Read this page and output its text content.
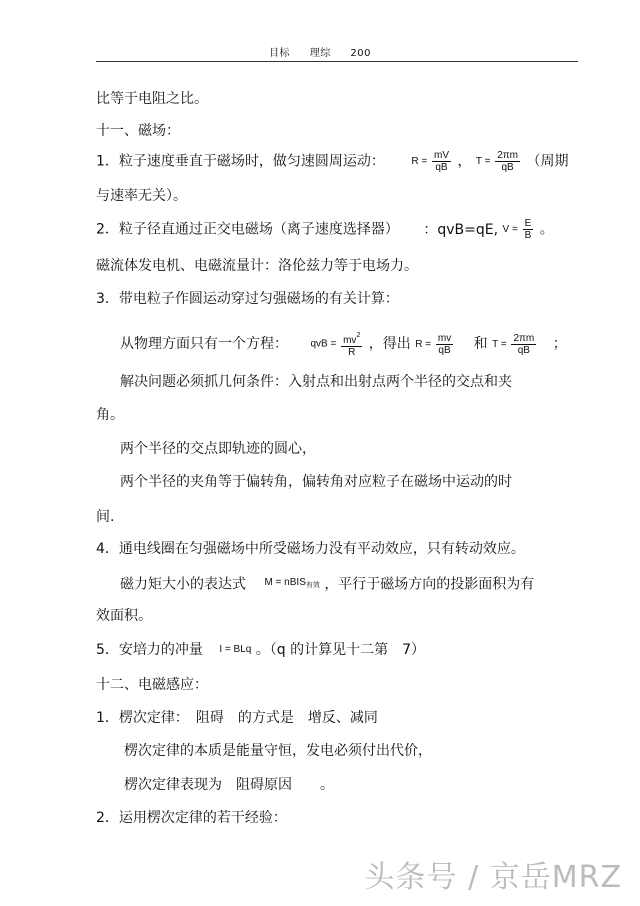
目标 理综 200
比等于电阻之比。
十一、磁场：
1．粒子速度垂直于磁场时，做匀速圆周运动：	$R = \frac{mV}{qB}$ ， $T = \frac{2\pi m}{qB}$ （周期
与速率无关）。
2．粒子径直通过正交电磁场（离子速度选择器） ：qvB=qE, $V = \frac{E}{B}$ 。
磁流体发电机、电磁流量计：洛伦兹力等于电场力。
3．带电粒子作圆运动穿过匀强磁场的有关计算：
从物理方面只有一个方程： qvB = $\frac{mv^2}{R}$ ，得出 $R = \frac{mv}{qB}$ 和 $T = \frac{2\pi m}{qB}$ ；
解决问题必须抓几何条件：入射点和出射点两个半径的交点和夹
角。
两个半径的交点即轨迹的圆心，
两个半径的夹角等于偏转角，偏转角对应粒子在磁场中运动的时
间.
4．通电线圈在匀强磁场中所受磁场力没有平动效应，只有转动效应。
磁力矩大小的表达式 M = nBIS$_{有效}$ ，平行于磁场方向的投影面积为有
效面积。
5．安培力的冲量 I = BLq 。（q 的计算见十二第　7）
十二、电磁感应：
1．楞次定律：　阻碍　的方式是　增反、减同
楞次定律的本质是能量守恒，发电必须付出代价，
楞次定律表现为　阻碍原因　　。
2．运用楞次定律的若干经验：
头条号 / 京岳MRZ
